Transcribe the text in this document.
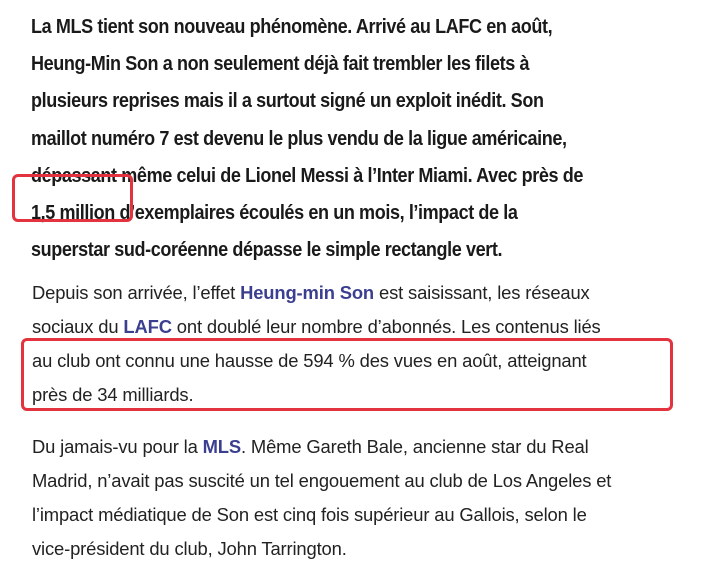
La MLS tient son nouveau phénomène. Arrivé au LAFC en août,
Heung-Min Son a non seulement déjà fait trembler les filets à
plusieurs reprises mais il a surtout signé un exploit inédit. Son
maillot numéro 7 est devenu le plus vendu de la ligue américaine,
dépassant même celui de Lionel Messi à l’Inter Miami. Avec près de
1,5 million d’exemplaires écoulés en un mois, l’impact de la
superstar sud-coréenne dépasse le simple rectangle vert.

Depuis son arrivée, l’effet Heung-min Son est saisissant, les réseaux
sociaux du LAFC ont doublé leur nombre d’abonnés. Les contenus liés
au club ont connu une hausse de 594 % des vues en août, atteignant
près de 34 milliards.

Du jamais-vu pour la MLS. Même Gareth Bale, ancienne star du Real
Madrid, n’avait pas suscité un tel engouement au club de Los Angeles et
l’impact médiatique de Son est cinq fois supérieur au Gallois, selon le
vice-président du club, John Tarrington.
